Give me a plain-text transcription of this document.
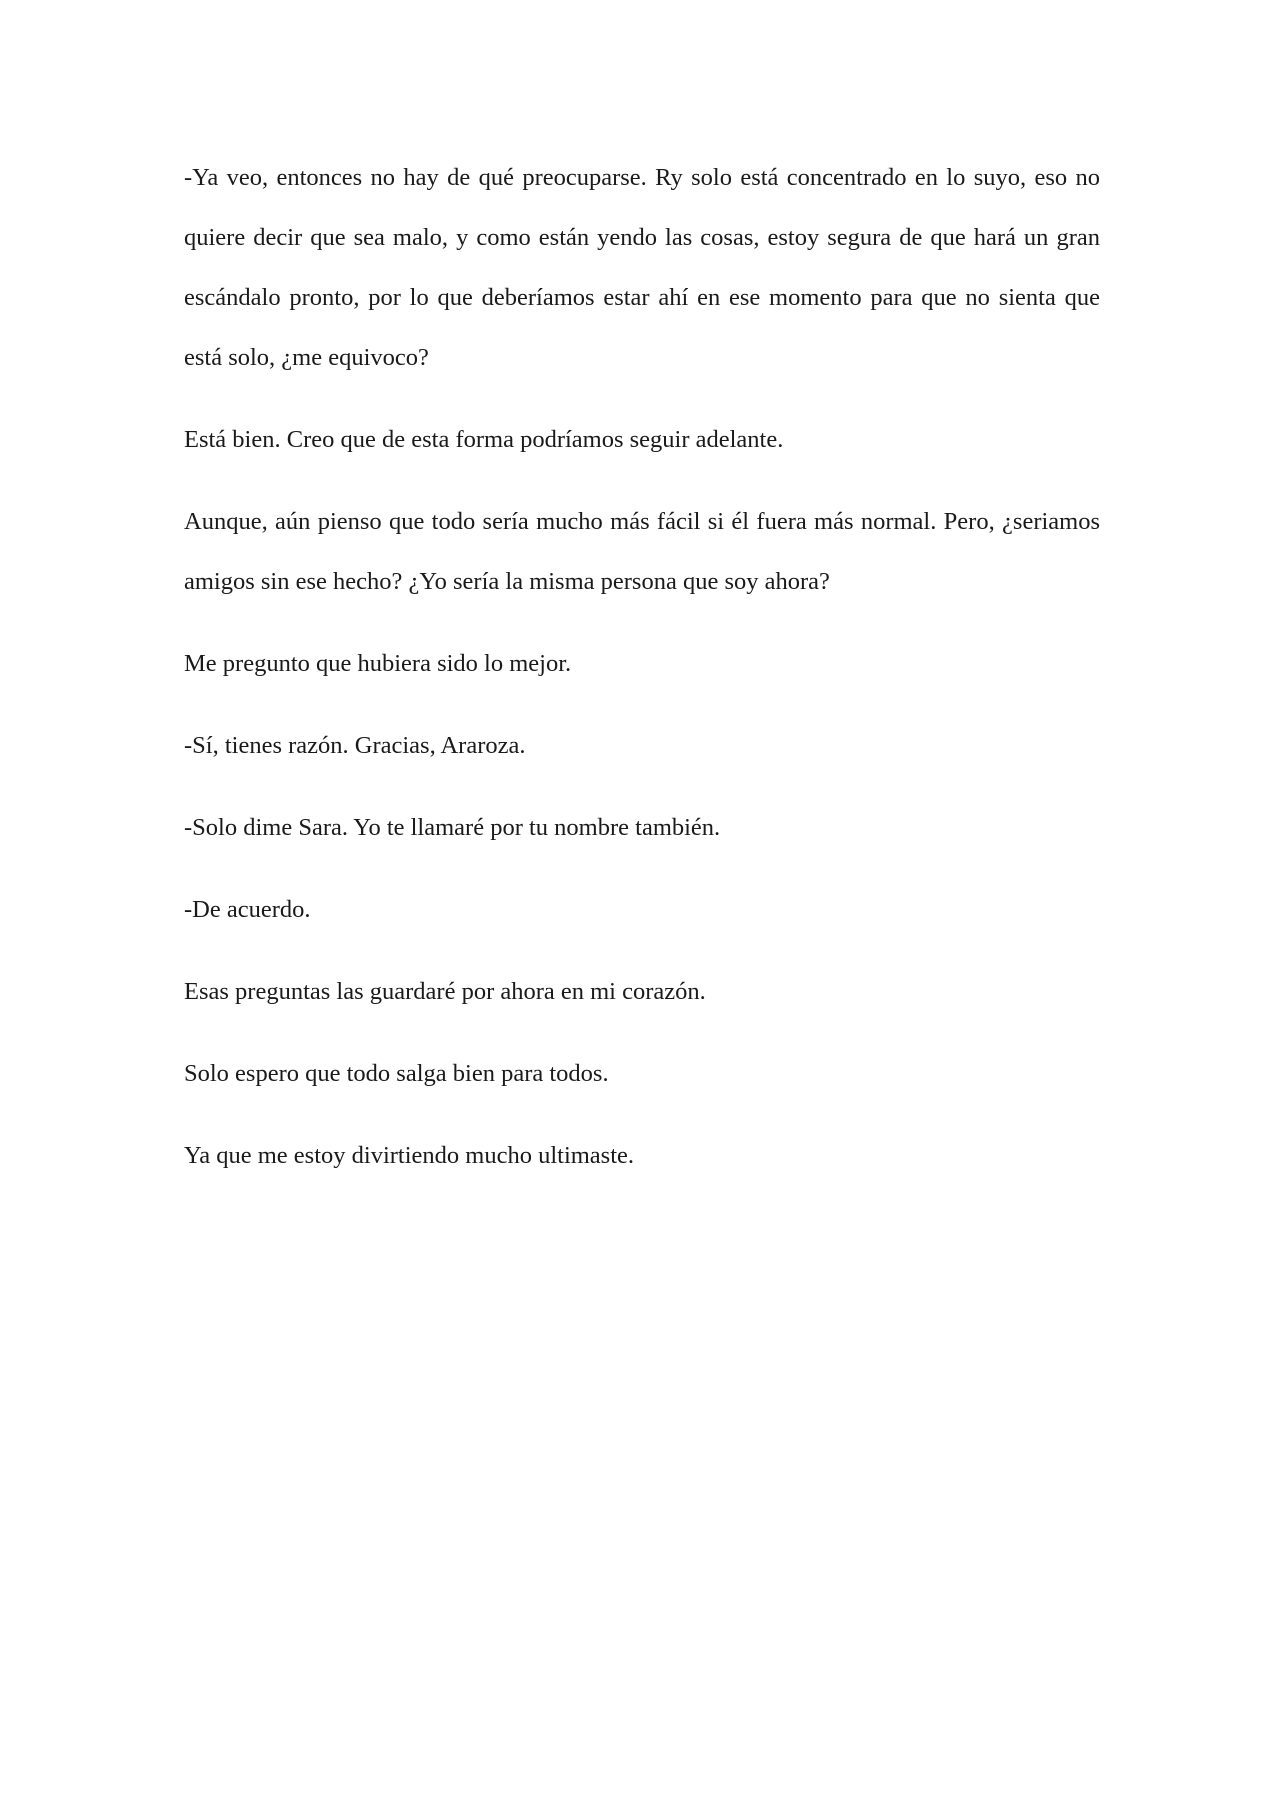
-Ya veo, entonces no hay de qué preocuparse. Ry solo está concentrado en lo suyo, eso no quiere decir que sea malo, y como están yendo las cosas, estoy segura de que hará un gran escándalo pronto, por lo que deberíamos estar ahí en ese momento para que no sienta que está solo, ¿me equivoco?

Está bien. Creo que de esta forma podríamos seguir adelante.

Aunque, aún pienso que todo sería mucho más fácil si él fuera más normal. Pero, ¿seriamos amigos sin ese hecho? ¿Yo sería la misma persona que soy ahora?

Me pregunto que hubiera sido lo mejor.

-Sí, tienes razón. Gracias, Araroza.

-Solo dime Sara. Yo te llamaré por tu nombre también.

-De acuerdo.

Esas preguntas las guardaré por ahora en mi corazón.

Solo espero que todo salga bien para todos.

Ya que me estoy divirtiendo mucho ultimaste.
